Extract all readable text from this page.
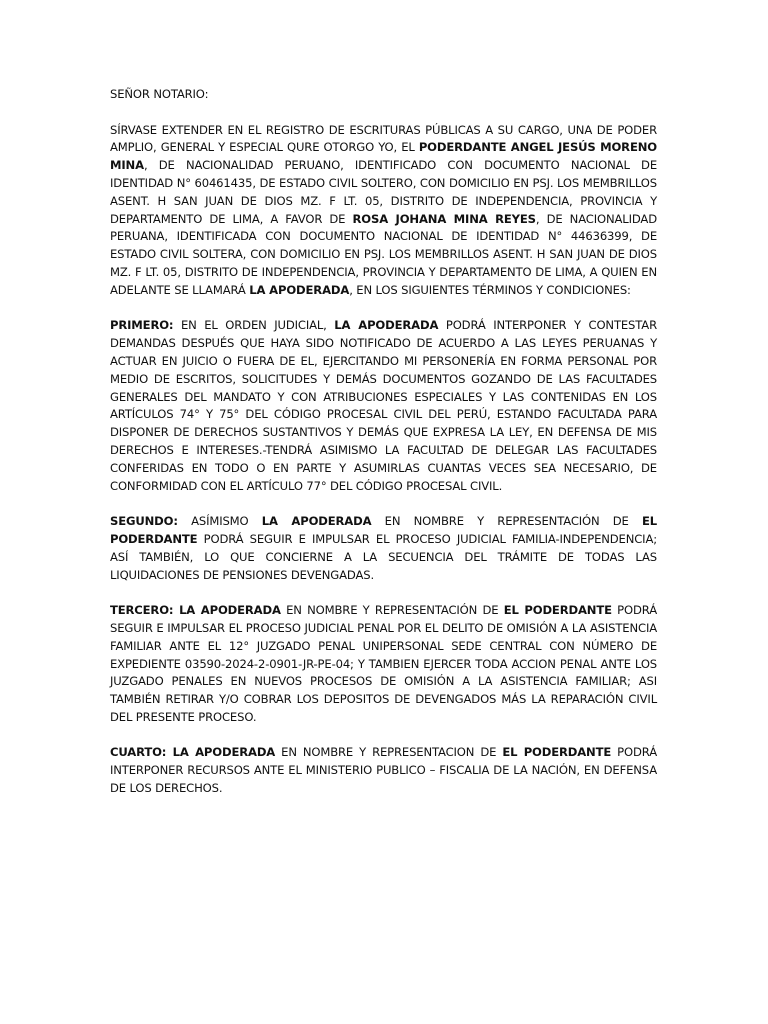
SEÑOR NOTARIO:

SÍRVASE EXTENDER EN EL REGISTRO DE ESCRITURAS PÚBLICAS A SU CARGO, UNA DE PODER AMPLIO, GENERAL Y ESPECIAL QURE OTORGO YO, EL PODERDANTE ANGEL JESÚS MORENO MINA, DE NACIONALIDAD PERUANO, IDENTIFICADO CON DOCUMENTO NACIONAL DE IDENTIDAD N° 60461435, DE ESTADO CIVIL SOLTERO, CON DOMICILIO EN PSJ. LOS MEMBRILLOS ASENT. H SAN JUAN DE DIOS MZ. F LT. 05, DISTRITO DE INDEPENDENCIA, PROVINCIA Y DEPARTAMENTO DE LIMA, A FAVOR DE ROSA JOHANA MINA REYES, DE NACIONALIDAD PERUANA, IDENTIFICADA CON DOCUMENTO NACIONAL DE IDENTIDAD N° 44636399, DE ESTADO CIVIL SOLTERA, CON DOMICILIO EN PSJ. LOS MEMBRILLOS ASENT. H SAN JUAN DE DIOS MZ. F LT. 05, DISTRITO DE INDEPENDENCIA, PROVINCIA Y DEPARTAMENTO DE LIMA, A QUIEN EN ADELANTE SE LLAMARÁ LA APODERADA, EN LOS SIGUIENTES TÉRMINOS Y CONDICIONES:

PRIMERO: EN EL ORDEN JUDICIAL, LA APODERADA PODRÁ INTERPONER Y CONTESTAR DEMANDAS DESPUÉS QUE HAYA SIDO NOTIFICADO DE ACUERDO A LAS LEYES PERUANAS Y ACTUAR EN JUICIO O FUERA DE EL, EJERCITANDO MI PERSONERÍA EN FORMA PERSONAL POR MEDIO DE ESCRITOS, SOLICITUDES Y DEMÁS DOCUMENTOS GOZANDO DE LAS FACULTADES GENERALES DEL MANDATO Y CON ATRIBUCIONES ESPECIALES Y LAS CONTENIDAS EN LOS ARTÍCULOS 74° Y 75° DEL CÓDIGO PROCESAL CIVIL DEL PERÚ, ESTANDO FACULTADA PARA DISPONER DE DERECHOS SUSTANTIVOS Y DEMÁS QUE EXPRESA LA LEY, EN DEFENSA DE MIS DERECHOS E INTERESES.-TENDRÁ ASIMISMO LA FACULTAD DE DELEGAR LAS FACULTADES CONFERIDAS EN TODO O EN PARTE Y ASUMIRLAS CUANTAS VECES SEA NECESARIO, DE CONFORMIDAD CON EL ARTÍCULO 77° DEL CÓDIGO PROCESAL CIVIL.

SEGUNDO: ASÍMISMO LA APODERADA EN NOMBRE Y REPRESENTACIÓN DE EL PODERDANTE PODRÁ SEGUIR E IMPULSAR EL PROCESO JUDICIAL FAMILIA-INDEPENDENCIA; ASÍ TAMBIÉN, LO QUE CONCIERNE A LA SECUENCIA DEL TRÁMITE DE TODAS LAS LIQUIDACIONES DE PENSIONES DEVENGADAS.

TERCERO: LA APODERADA EN NOMBRE Y REPRESENTACIÓN DE EL PODERDANTE PODRÁ SEGUIR E IMPULSAR EL PROCESO JUDICIAL PENAL POR EL DELITO DE OMISIÓN A LA ASISTENCIA FAMILIAR ANTE EL 12° JUZGADO PENAL UNIPERSONAL SEDE CENTRAL CON NÚMERO DE EXPEDIENTE 03590-2024-2-0901-JR-PE-04; Y TAMBIEN EJERCER TODA ACCION PENAL ANTE LOS JUZGADO PENALES EN NUEVOS PROCESOS DE OMISIÓN A LA ASISTENCIA FAMILIAR; ASI TAMBIÉN RETIRAR Y/O COBRAR LOS DEPOSITOS DE DEVENGADOS MÁS LA REPARACIÓN CIVIL DEL PRESENTE PROCESO.

CUARTO: LA APODERADA EN NOMBRE Y REPRESENTACION DE EL PODERDANTE PODRÁ INTERPONER RECURSOS ANTE EL MINISTERIO PUBLICO – FISCALIA DE LA NACIÓN, EN DEFENSA DE LOS DERECHOS.
